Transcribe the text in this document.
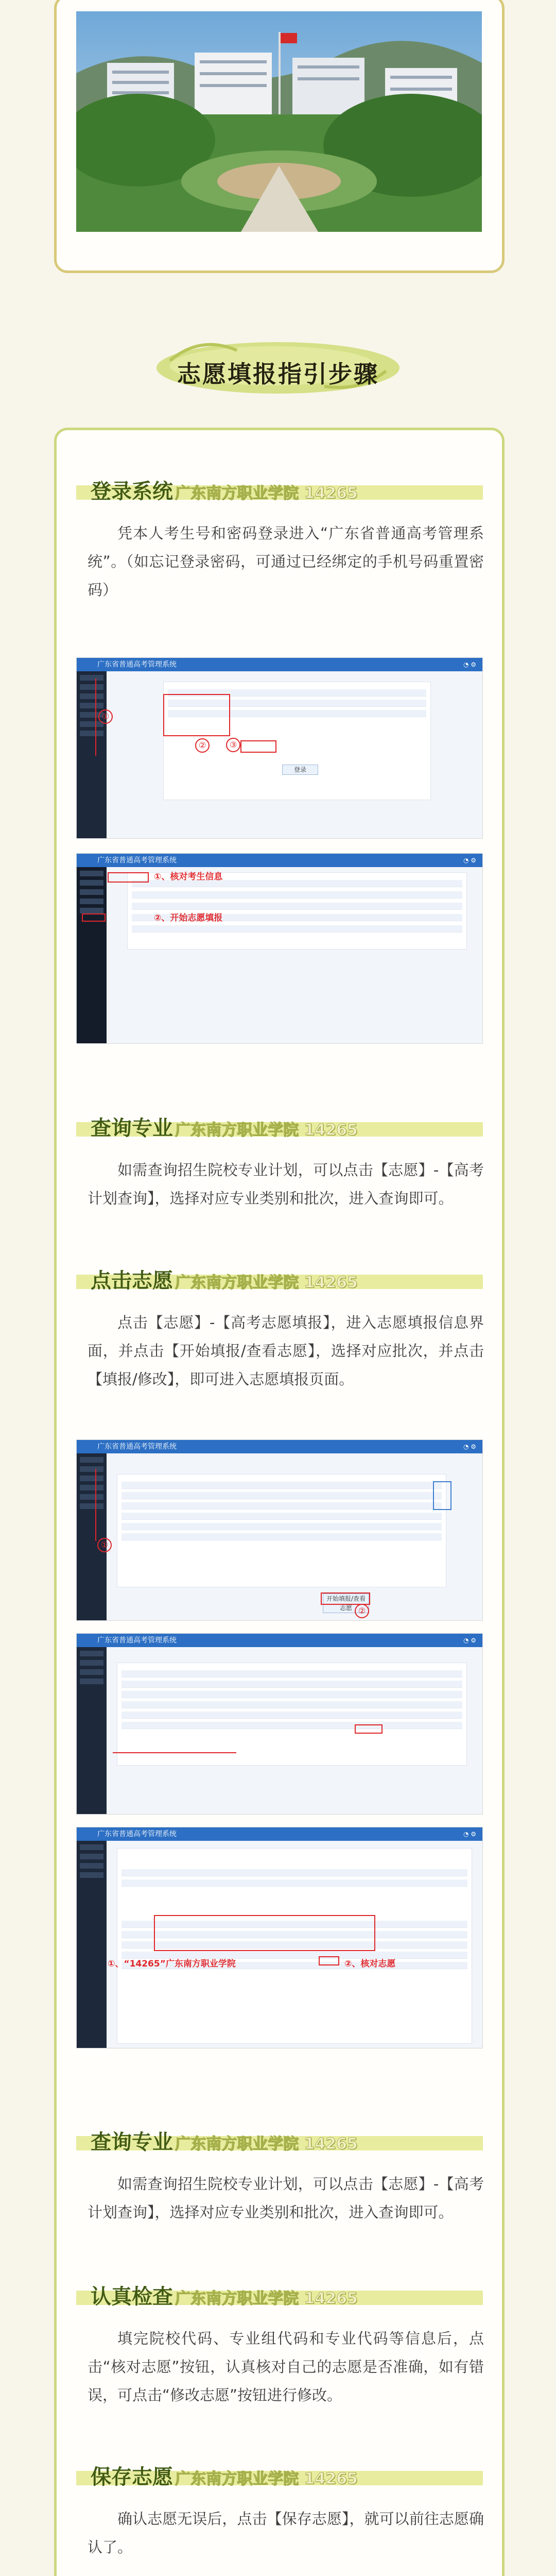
志愿填报指引步骤
登录系统 广东南方职业学院 14265
凭本人考生号和密码登录进入“广东省普通高考管理系统”。（如忘记登录密码，可通过已经绑定的手机号码重置密码）
广东省普通高考管理系统	◔ ⚙
登录
①
②	③
广东省普通高考管理系统	◔ ⚙
①、核对考生信息
②、开始志愿填报
查询专业 广东南方职业学院 14265
如需查询招生院校专业计划，可以点击【志愿】-【高考计划查询】，选择对应专业类别和批次，进入查询即可。
点击志愿 广东南方职业学院 14265
点击【志愿】-【高考志愿填报】，进入志愿填报信息界面，并点击【开始填报/查看志愿】，选择对应批次，并点击【填报/修改】，即可进入志愿填报页面。
广东省普通高考管理系统	◔ ⚙
开始填报/查看志愿
①
②
广东省普通高考管理系统	◔ ⚙
广东省普通高考管理系统	◔ ⚙
①、“14265”广东南方职业学院	②、核对志愿
查询专业 广东南方职业学院 14265
如需查询招生院校专业计划，可以点击【志愿】-【高考计划查询】，选择对应专业类别和批次，进入查询即可。
认真检查 广东南方职业学院 14265
填完院校代码、专业组代码和专业代码等信息后，点击“核对志愿”按钮，认真核对自己的志愿是否准确，如有错误，可点击“修改志愿”按钮进行修改。
保存志愿 广东南方职业学院 14265
确认志愿无误后，点击【保存志愿】，就可以前往志愿确认了。
